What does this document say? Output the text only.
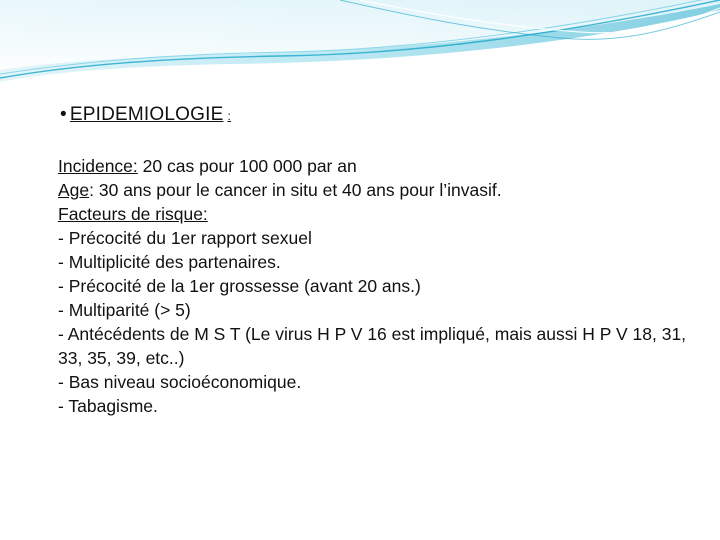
• EPIDEMIOLOGIE :
Incidence: 20 cas pour 100 000 par an
Age: 30 ans pour le cancer in situ et 40 ans pour l’invasif.
Facteurs de risque:
- Précocité du 1er rapport sexuel
- Multiplicité des partenaires.
- Précocité de la 1er grossesse (avant 20 ans.)
- Multiparité (> 5)
- Antécédents de M S T (Le virus H P V 16 est impliqué, mais aussi H P V 18, 31, 33, 35, 39, etc..)
- Bas niveau socioéconomique.
- Tabagisme.
